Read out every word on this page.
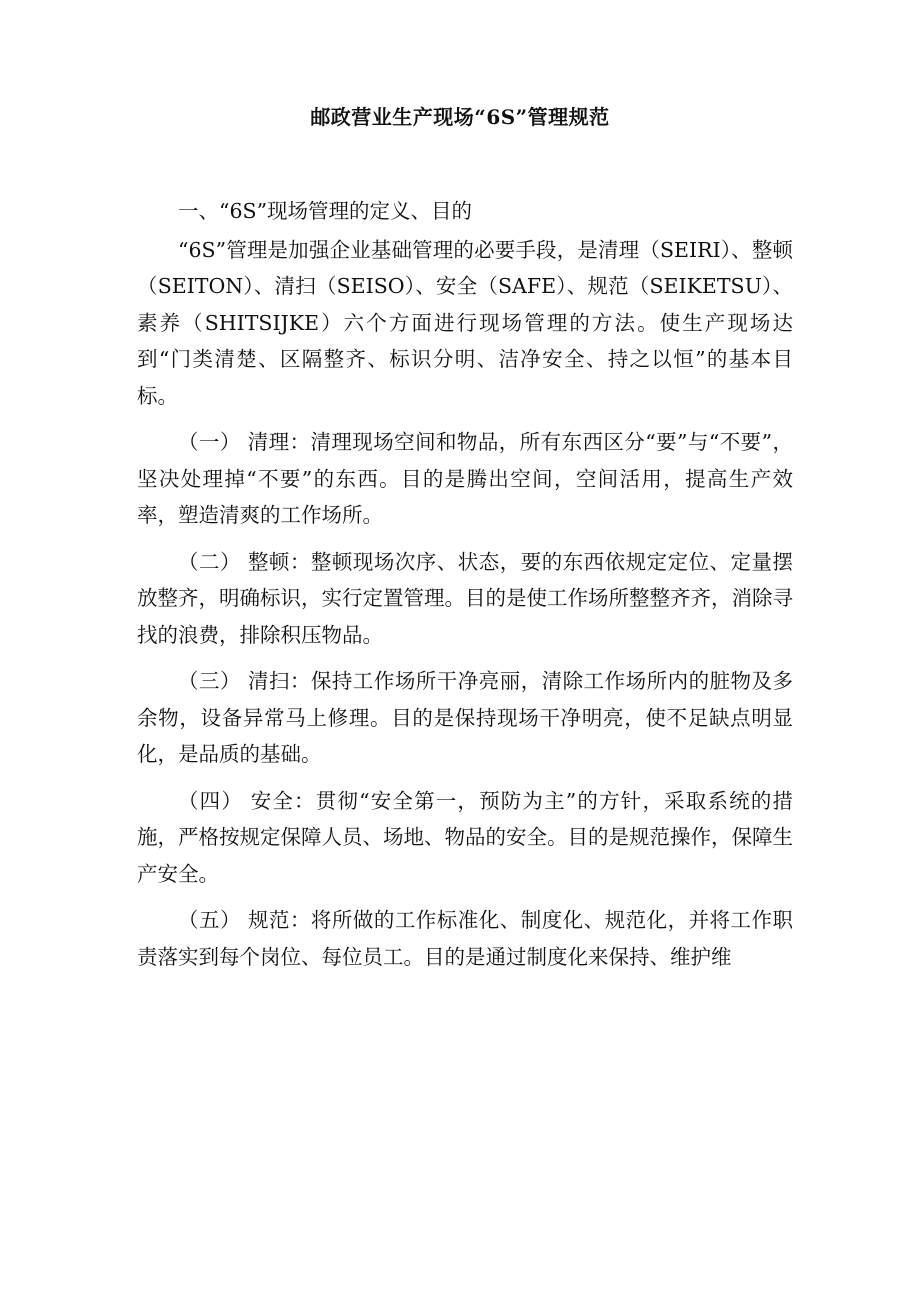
邮政营业生产现场“6S”管理规范

一、“6S”现场管理的定义、目的

“6S”管理是加强企业基础管理的必要手段，是清理（SEIRI）、整顿（SEITON）、清扫（SEISO）、安全（SAFE）、规范（SEIKETSU）、 素养（SHITSIJKE）六个方面进行现场管理的方法。使生产现场达到“门类清楚、区隔整齐、标识分明、洁净安全、持之以恒”的基本目标。

（一） 清理：清理现场空间和物品，所有东西区分“要”与“不要”，坚决处理掉“不要”的东西。目的是腾出空间，空间活用，提高生产效率，塑造清爽的工作场所。

（二） 整顿：整顿现场次序、状态，要的东西依规定定位、定量摆放整齐，明确标识，实行定置管理。目的是使工作场所整整齐齐，消除寻找的浪费，排除积压物品。

（三） 清扫：保持工作场所干净亮丽，清除工作场所内的脏物及多余物，设备异常马上修理。目的是保持现场干净明亮，使不足缺点明显化，是品质的基础。

（四） 安全：贯彻“安全第一，预防为主”的方针，采取系统的措施，严格按规定保障人员、场地、物品的安全。目的是规范操作，保障生产安全。

（五） 规范：将所做的工作标准化、制度化、规范化，并将工作职责落实到每个岗位、每位员工。目的是通过制度化来保持、维护维
